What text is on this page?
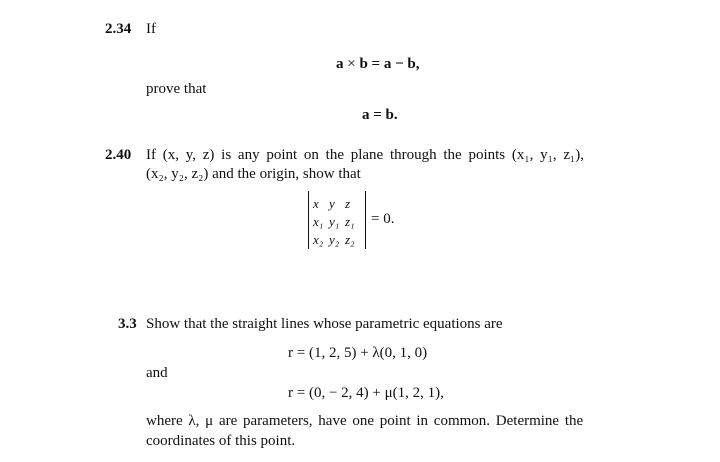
2.34 If
a × b = a − b,
prove that
a = b.
2.40 If (x, y, z) is any point on the plane through the points (x₁, y₁, z₁),
(x₂, y₂, z₂) and the origin, show that
x y z
x₁ y₁ z₁
x₂ y₂ z₂
= 0.
3.3 Show that the straight lines whose parametric equations are
r = (1, 2, 5) + λ(0, 1, 0)
and
r = (0, − 2, 4) + μ(1, 2, 1),
where λ, μ are parameters, have one point in common. Determine the
coordinates of this point.
